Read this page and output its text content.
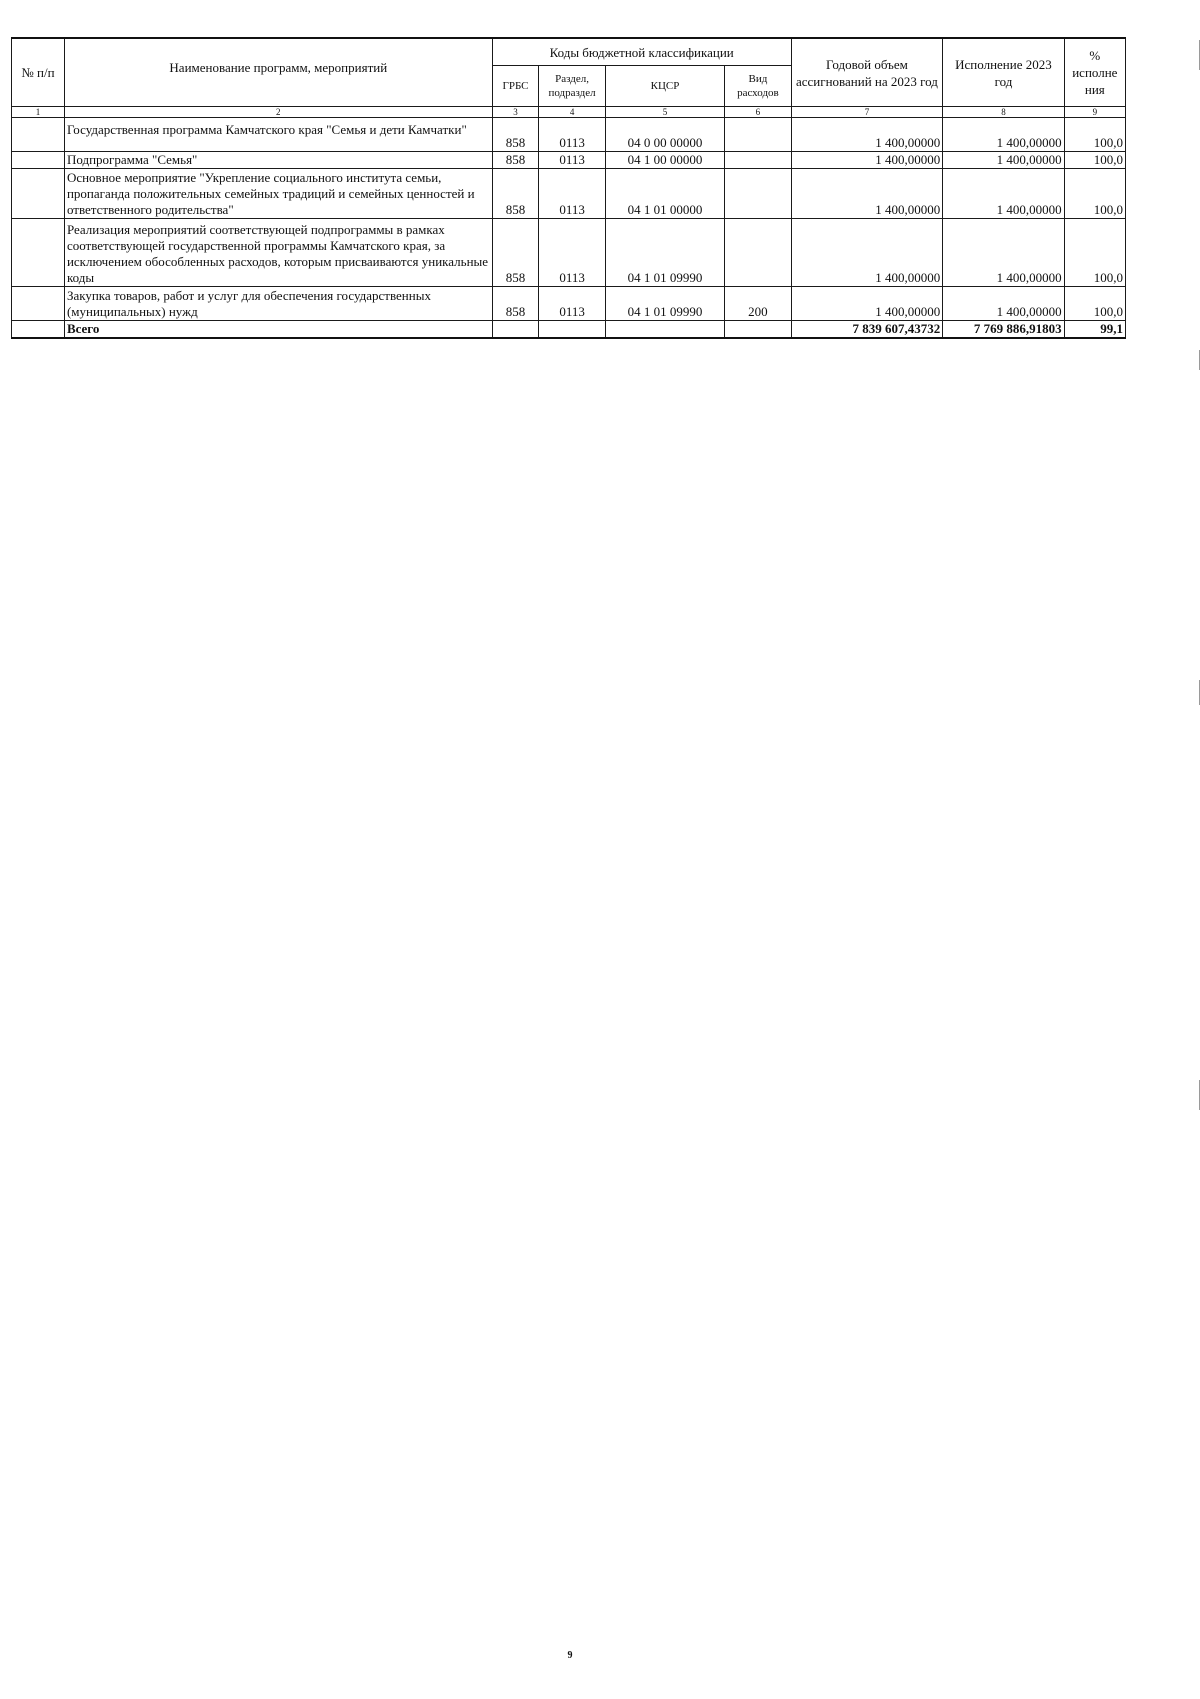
№ п/п	Наименование программ, мероприятий	Коды бюджетной классификации				Годовой объем ассигнований на 2023 год	Исполнение 2023 год	% исполне ния
		ГРБС	Раздел, подраздел	КЦСР	Вид расходов			
1	2	3	4	5	6	7	8	9
	Государственная программа Камчатского края "Семья и дети Камчатки"	858	0113	04 0 00 00000		1 400,00000	1 400,00000	100,0
	Подпрограмма "Семья"	858	0113	04 1 00 00000		1 400,00000	1 400,00000	100,0
	Основное мероприятие "Укрепление социального института семьи, пропаганда положительных семейных традиций и семейных ценностей и ответственного родительства"	858	0113	04 1 01 00000		1 400,00000	1 400,00000	100,0
	Реализация мероприятий соответствующей подпрограммы в рамках соответствующей государственной программы Камчатского края, за исключением обособленных расходов, которым присваиваются уникальные коды	858	0113	04 1 01 09990		1 400,00000	1 400,00000	100,0
	Закупка товаров, работ и услуг для обеспечения государственных (муниципальных) нужд	858	0113	04 1 01 09990	200	1 400,00000	1 400,00000	100,0
	Всего					7 839 607,43732	7 769 886,91803	99,1
9
